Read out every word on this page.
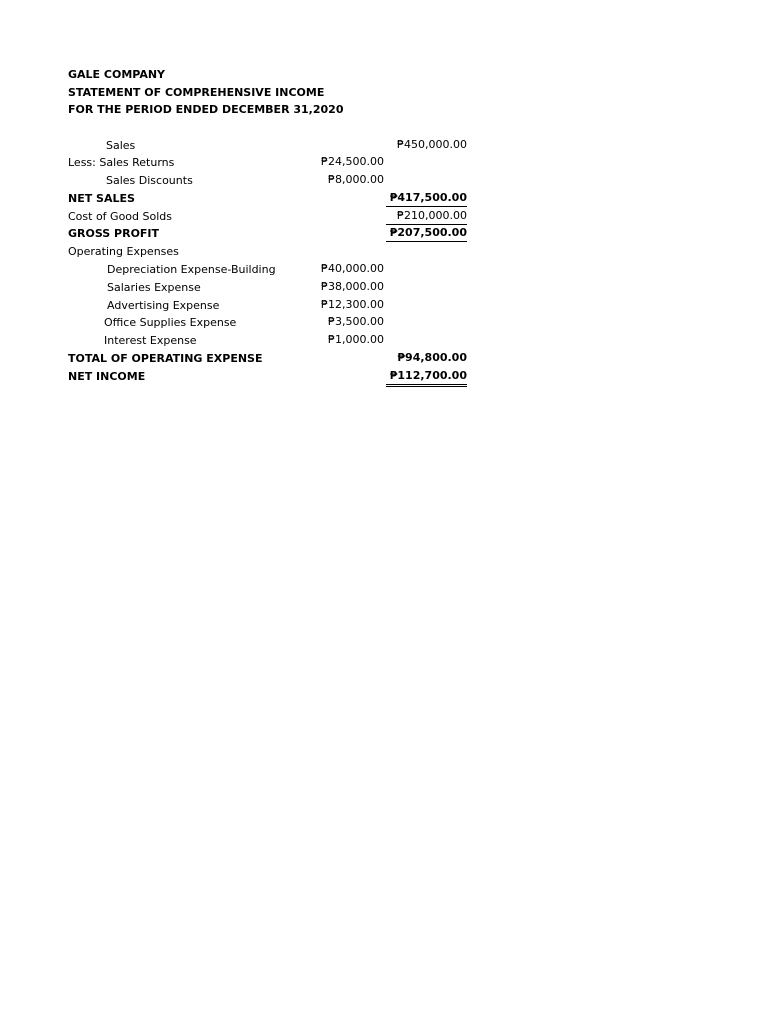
GALE COMPANY
STATEMENT OF COMPREHENSIVE INCOME
FOR THE PERIOD ENDED DECEMBER 31,2020
Sales	₱450,000.00
Less: Sales Returns	₱24,500.00
Sales Discounts	₱8,000.00
NET SALES	₱417,500.00
Cost of Good Solds	₱210,000.00
GROSS PROFIT	₱207,500.00
Operating Expenses
Depreciation Expense-Building	₱40,000.00
Salaries Expense	₱38,000.00
Advertising Expense	₱12,300.00
Office Supplies Expense	₱3,500.00
Interest Expense	₱1,000.00
TOTAL OF OPERATING EXPENSE	₱94,800.00
NET INCOME	₱112,700.00
